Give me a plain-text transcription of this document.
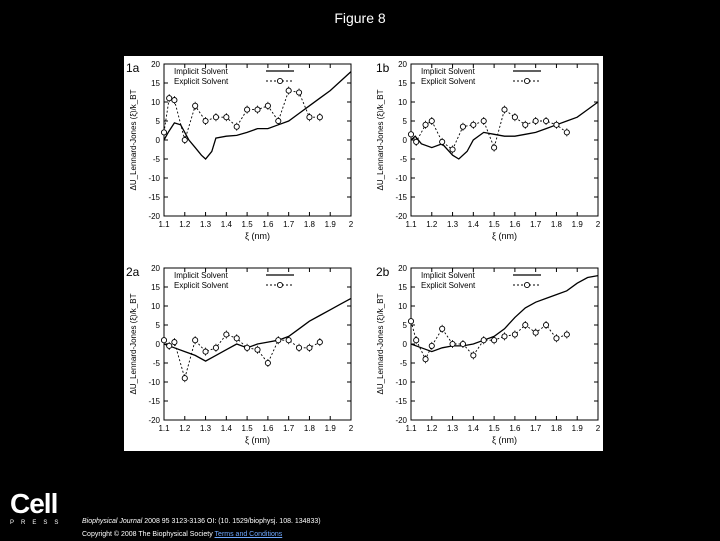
Figure 8
20
15
10
5
0
-5
-10
-15
-20
1.1 1.2 1.3 1.4 1.5 1.6 1.7 1.8 1.9 2
ξ (nm)
ΔU_Lennard-Jones (ξ)/k_BT
1a	Implicit Solvent
Explicit Solvent
20
15
10
5
0
-5
-10
-15
-20
1.1 1.2 1.3 1.4 1.5 1.6 1.7 1.8 1.9 2
ξ (nm)
ΔU_Lennard-Jones (ξ)/k_BT
1b	Implicit Solvent
Explicit Solvent
20
15
10
5
0
-5
-10
-15
-20
1.1 1.2 1.3 1.4 1.5 1.6 1.7 1.8 1.9 2
ξ (nm)
ΔU_Lennard-Jones (ξ)/k_BT
2a	Implicit Solvent
Explicit Solvent
20
15
10
5
0
-5
-10
-15
-20
1.1 1.2 1.3 1.4 1.5 1.6 1.7 1.8 1.9 2
ξ (nm)
ΔU_Lennard-Jones (ξ)/k_BT
2b	Implicit Solvent
Explicit Solvent
Cell
PRESS	Biophysical Journal 2008 95 3123-3136 OI: (10. 1529/biophysj. 108. 134833)
Copyright © 2008 The Biophysical Society Terms and Conditions
